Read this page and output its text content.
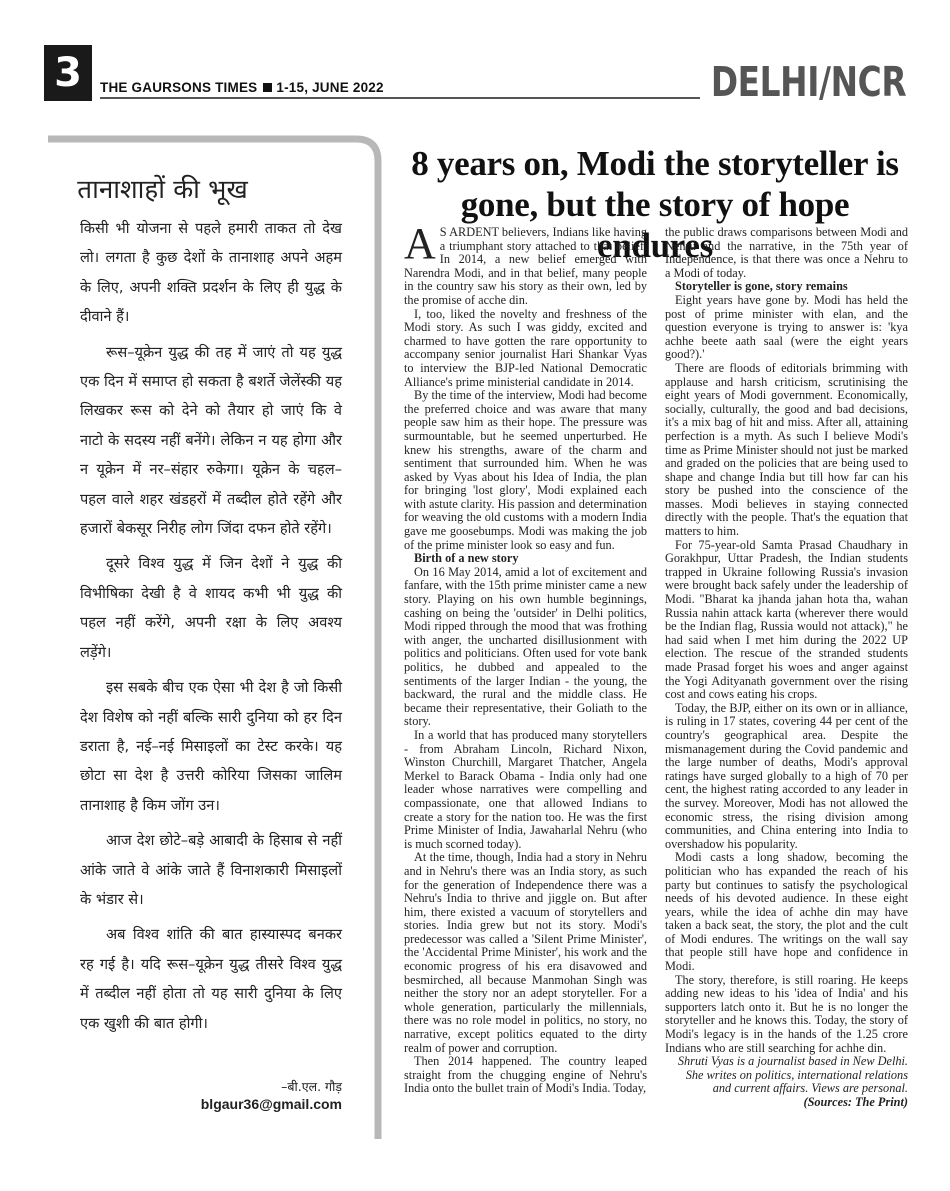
3	THE GAURSONS TIMES 1-15, JUNE 2022	DELHI/NCR
तानाशाहों की भूख

किसी भी योजना से पहले हमारी ताकत तो देख लो। लगता है कुछ देशों के तानाशाह अपने अहम के लिए, अपनी शक्ति प्रदर्शन के लिए ही युद्ध के दीवाने हैं।

रूस–यूक्रेन युद्ध की तह में जाएं तो यह युद्ध एक दिन में समाप्त हो सकता है बशर्ते जेलेंस्की यह लिखकर रूस को देने को तैयार हो जाएं कि वे नाटो के सदस्य नहीं बनेंगे। लेकिन न यह होगा और न यूक्रेन में नर–संहार रुकेगा। यूक्रेन के चहल–पहल वाले शहर खंडहरों में तब्दील होते रहेंगे और हजारों बेकसूर निरीह लोग जिंदा दफन होते रहेंगे।

दूसरे विश्व युद्ध में जिन देशों ने युद्ध की विभीषिका देखी है वे शायद कभी भी युद्ध की पहल नहीं करेंगे, अपनी रक्षा के लिए अवश्य लड़ेंगे।

इस सबके बीच एक ऐसा भी देश है जो किसी देश विशेष को नहीं बल्कि सारी दुनिया को हर दिन डराता है, नई–नई मिसाइलों का टेस्ट करके। यह छोटा सा देश है उत्तरी कोरिया जिसका जालिम तानाशाह है किम जोंग उन।

आज देश छोटे–बड़े आबादी के हिसाब से नहीं आंके जाते वे आंके जाते हैं विनाशकारी मिसाइलों के भंडार से।

अब विश्व शांति की बात हास्यास्पद बनकर रह गई है। यदि रूस–यूक्रेन युद्ध तीसरे विश्व युद्ध में तब्दील नहीं होता तो यह सारी दुनिया के लिए एक खुशी की बात होगी।

–बी.एल. गौड़
blgaur36@gmail.com
8 years on, Modi the storyteller is gone, but the story of hope endures

A S ARDENT believers, Indians like having a triumphant story attached to that belief. In 2014, a new belief emerged with Narendra Modi, and in that belief, many people in the country saw his story as their own, led by the promise of acche din.

I, too, liked the novelty and freshness of the Modi story. As such I was giddy, excited and charmed to have gotten the rare opportunity to accompany senior journalist Hari Shankar Vyas to interview the BJP-led National Democratic Alliance's prime ministerial candidate in 2014.

By the time of the interview, Modi had become the preferred choice and was aware that many people saw him as their hope. The pressure was surmountable, but he seemed unperturbed. He knew his strengths, aware of the charm and sentiment that surrounded him. When he was asked by Vyas about his Idea of India, the plan for bringing 'lost glory', Modi explained each with astute clarity. His passion and determination for weaving the old customs with a modern India gave me goosebumps. Modi was making the job of the prime minister look so easy and fun.

Birth of a new story

On 16 May 2014, amid a lot of excitement and fanfare, with the 15th prime minister came a new story. Playing on his own humble beginnings, cashing on being the 'outsider' in Delhi politics, Modi ripped through the mood that was frothing with anger, the uncharted disillusionment with politics and politicians. Often used for vote bank politics, he dubbed and appealed to the sentiments of the larger Indian - the young, the backward, the rural and the middle class. He became their representative, their Goliath to the story.

In a world that has produced many storytellers - from Abraham Lincoln, Richard Nixon, Winston Churchill, Margaret Thatcher, Angela Merkel to Barack Obama - India only had one leader whose narratives were compelling and compassionate, one that allowed Indians to create a story for the nation too. He was the first Prime Minister of India, Jawaharlal Nehru (who is much scorned today).

At the time, though, India had a story in Nehru and in Nehru's there was an India story, as such for the generation of Independence there was a Nehru's India to thrive and jiggle on. But after him, there existed a vacuum of storytellers and stories. India grew but not its story. Modi's predecessor was called a 'Silent Prime Minister', the 'Accidental Prime Minister', his work and the economic progress of his era disavowed and besmirched, all because Manmohan Singh was neither the story nor an adept storyteller. For a whole generation, particularly the millennials, there was no role model in politics, no story, no narrative, except politics equated to the dirty realm of power and corruption.

Then 2014 happened. The country leaped straight from the chugging engine of Nehru's India onto the bullet train of Modi's India. Today,

the public draws comparisons between Modi and Nehru and the narrative, in the 75th year of Independence, is that there was once a Nehru to a Modi of today.

Storyteller is gone, story remains

Eight years have gone by. Modi has held the post of prime minister with elan, and the question everyone is trying to answer is: 'kya achhe beete aath saal (were the eight years good?).'

There are floods of editorials brimming with applause and harsh criticism, scrutinising the eight years of Modi government. Economically, socially, culturally, the good and bad decisions, it's a mix bag of hit and miss. After all, attaining perfection is a myth. As such I believe Modi's time as Prime Minister should not just be marked and graded on the policies that are being used to shape and change India but till how far can his story be pushed into the conscience of the masses. Modi believes in staying connected directly with the people. That's the equation that matters to him.

For 75-year-old Samta Prasad Chaudhary in Gorakhpur, Uttar Pradesh, the Indian students trapped in Ukraine following Russia's invasion were brought back safely under the leadership of Modi. "Bharat ka jhanda jahan hota tha, wahan Russia nahin attack karta (wherever there would be the Indian flag, Russia would not attack)," he had said when I met him during the 2022 UP election. The rescue of the stranded students made Prasad forget his woes and anger against the Yogi Adityanath government over the rising cost and cows eating his crops.

Today, the BJP, either on its own or in alliance, is ruling in 17 states, covering 44 per cent of the country's geographical area. Despite the mismanagement during the Covid pandemic and the large number of deaths, Modi's approval ratings have surged globally to a high of 70 per cent, the highest rating accorded to any leader in the survey. Moreover, Modi has not allowed the economic stress, the rising division among communities, and China entering into India to overshadow his popularity.

Modi casts a long shadow, becoming the politician who has expanded the reach of his party but continues to satisfy the psychological needs of his devoted audience. In these eight years, while the idea of achhe din may have taken a back seat, the story, the plot and the cult of Modi endures. The writings on the wall say that people still have hope and confidence in Modi.

The story, therefore, is still roaring. He keeps adding new ideas to his 'idea of India' and his supporters latch onto it. But he is no longer the storyteller and he knows this. Today, the story of Modi's legacy is in the hands of the 1.25 crore Indians who are still searching for achhe din.

Shruti Vyas is a journalist based in New Delhi. She writes on politics, international relations and current affairs. Views are personal.

(Sources: The Print)
